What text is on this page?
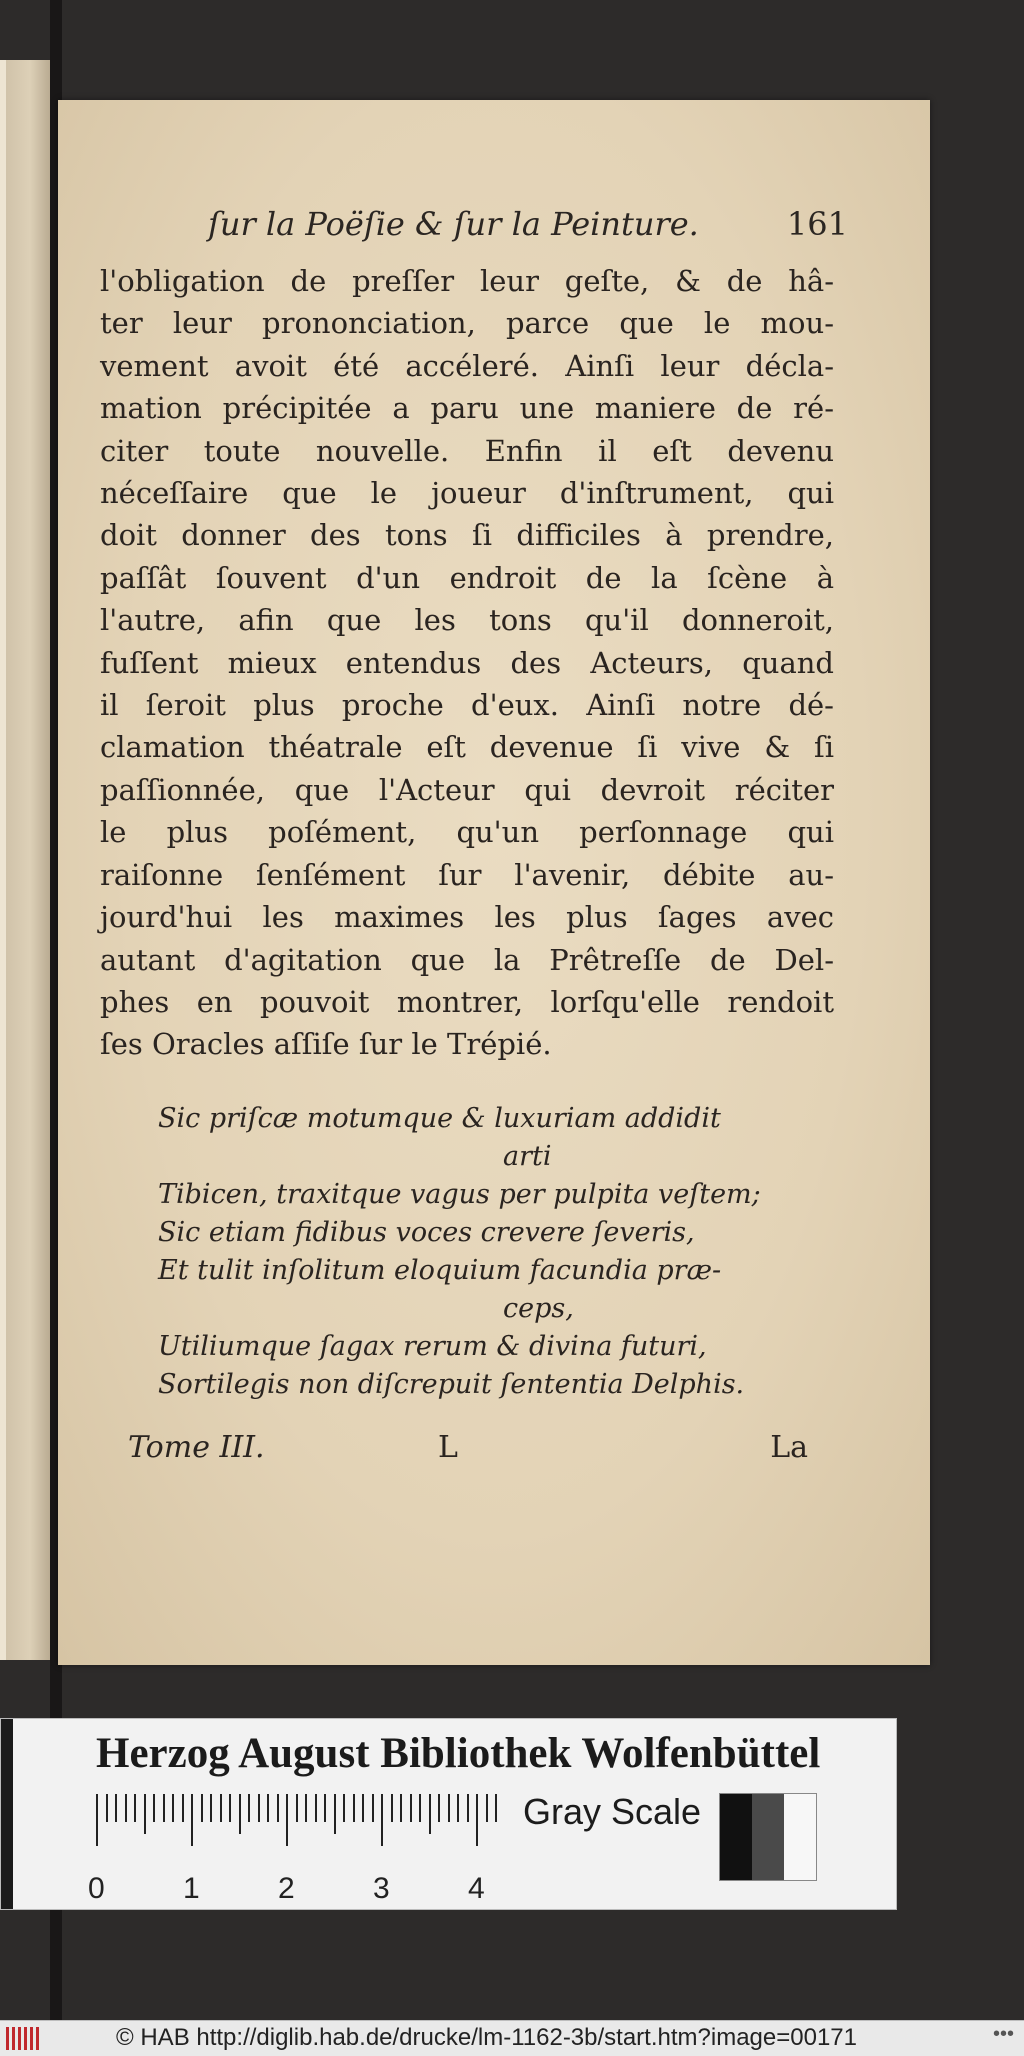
ſur la Poëſie & ſur la Peinture.	161
l'obligation de preſſer leur geſte, & de hâ-
ter leur prononciation, parce que le mou-
vement avoit été accéleré. Ainſi leur décla-
mation précipitée a paru une maniere de ré-
citer toute nouvelle. Enfin il eſt devenu
néceſſaire que le joueur d'inſtrument, qui
doit donner des tons ſi difficiles à prendre,
paſſât ſouvent d'un endroit de la ſcène à
l'autre, afin que les tons qu'il donneroit,
fuſſent mieux entendus des Acteurs, quand
il ſeroit plus proche d'eux. Ainſi notre dé-
clamation théatrale eſt devenue ſi vive & ſi
paſſionnée, que l'Acteur qui devroit réciter
le plus poſément, qu'un perſonnage qui
raiſonne ſenſément ſur l'avenir, débite au-
jourd'hui les maximes les plus ſages avec
autant d'agitation que la Prêtreſſe de Del-
phes en pouvoit montrer, lorſqu'elle rendoit
ſes Oracles aſſiſe ſur le Trépié.
Sic priſcæ motumque & luxuriam addidit
arti
Tibicen, traxitque vagus per pulpita veſtem;
Sic etiam fidibus voces crevere ſeveris,
Et tulit inſolitum eloquium facundia præ-
ceps,
Utiliumque ſagax rerum & divina futuri,
Sortilegis non diſcrepuit ſententia Delphis.
Tome III.	L	La
Herzog August Bibliothek Wolfenbüttel
0	1	2	3	4
Gray Scale
© HAB http://diglib.hab.de/drucke/lm-1162-3b/start.htm?image=00171	•••
